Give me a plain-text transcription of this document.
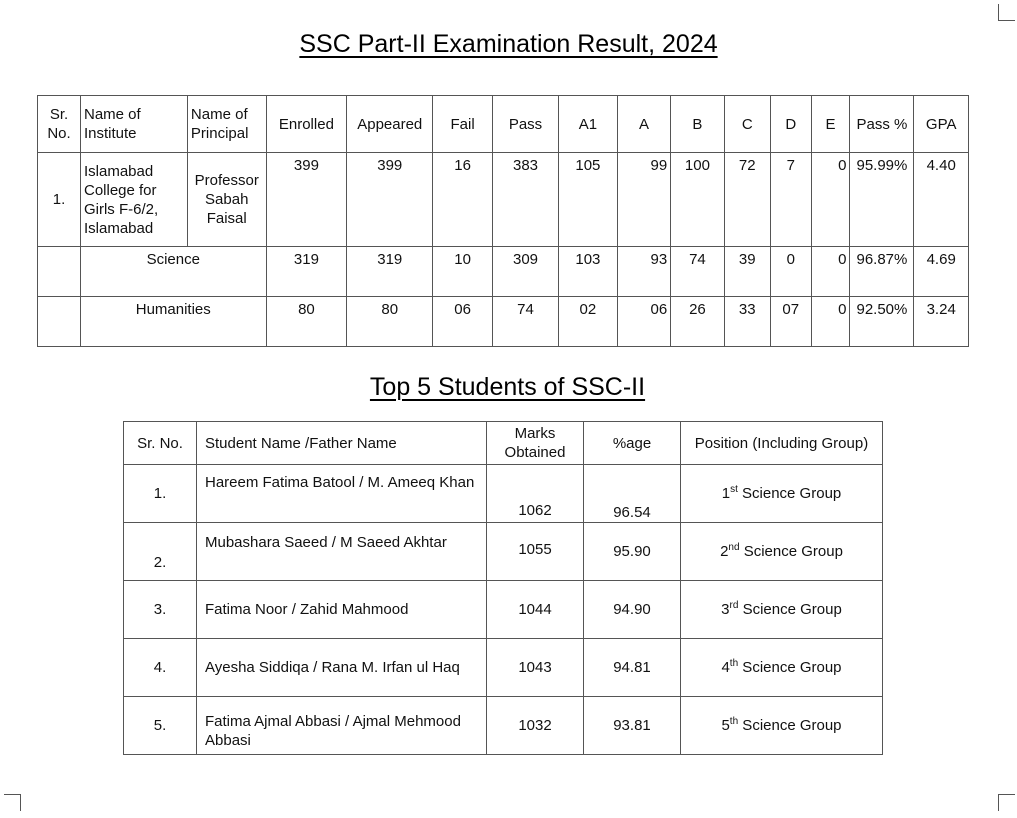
SSC Part-II Examination Result, 2024
Sr. No.	Name of Institute	Name of Principal	Enrolled	Appeared	Fail	Pass	A1	A	B	C	D	E	Pass %	GPA
1.	Islamabad College for Girls F-6/2, Islamabad	Professor Sabah Faisal	399	399	16	383	105	99	100	72	7	0	95.99%	4.40
	Science		319	319	10	309	103	93	74	39	0	0	96.87%	4.69
	Humanities		80	80	06	74	02	06	26	33	07	0	92.50%	3.24
Top 5 Students of SSC-II
Sr. No.	Student Name /Father Name	Marks Obtained	%age	Position (Including Group)
1.	Hareem Fatima Batool / M. Ameeq Khan	1062	96.54	1st Science Group
2.	Mubashara Saeed / M Saeed Akhtar	1055	95.90	2nd Science Group
3.	Fatima Noor / Zahid Mahmood	1044	94.90	3rd Science Group
4.	Ayesha Siddiqa / Rana M. Irfan ul Haq	1043	94.81	4th Science Group
5.	Fatima Ajmal Abbasi / Ajmal Mehmood Abbasi	1032	93.81	5th Science Group
